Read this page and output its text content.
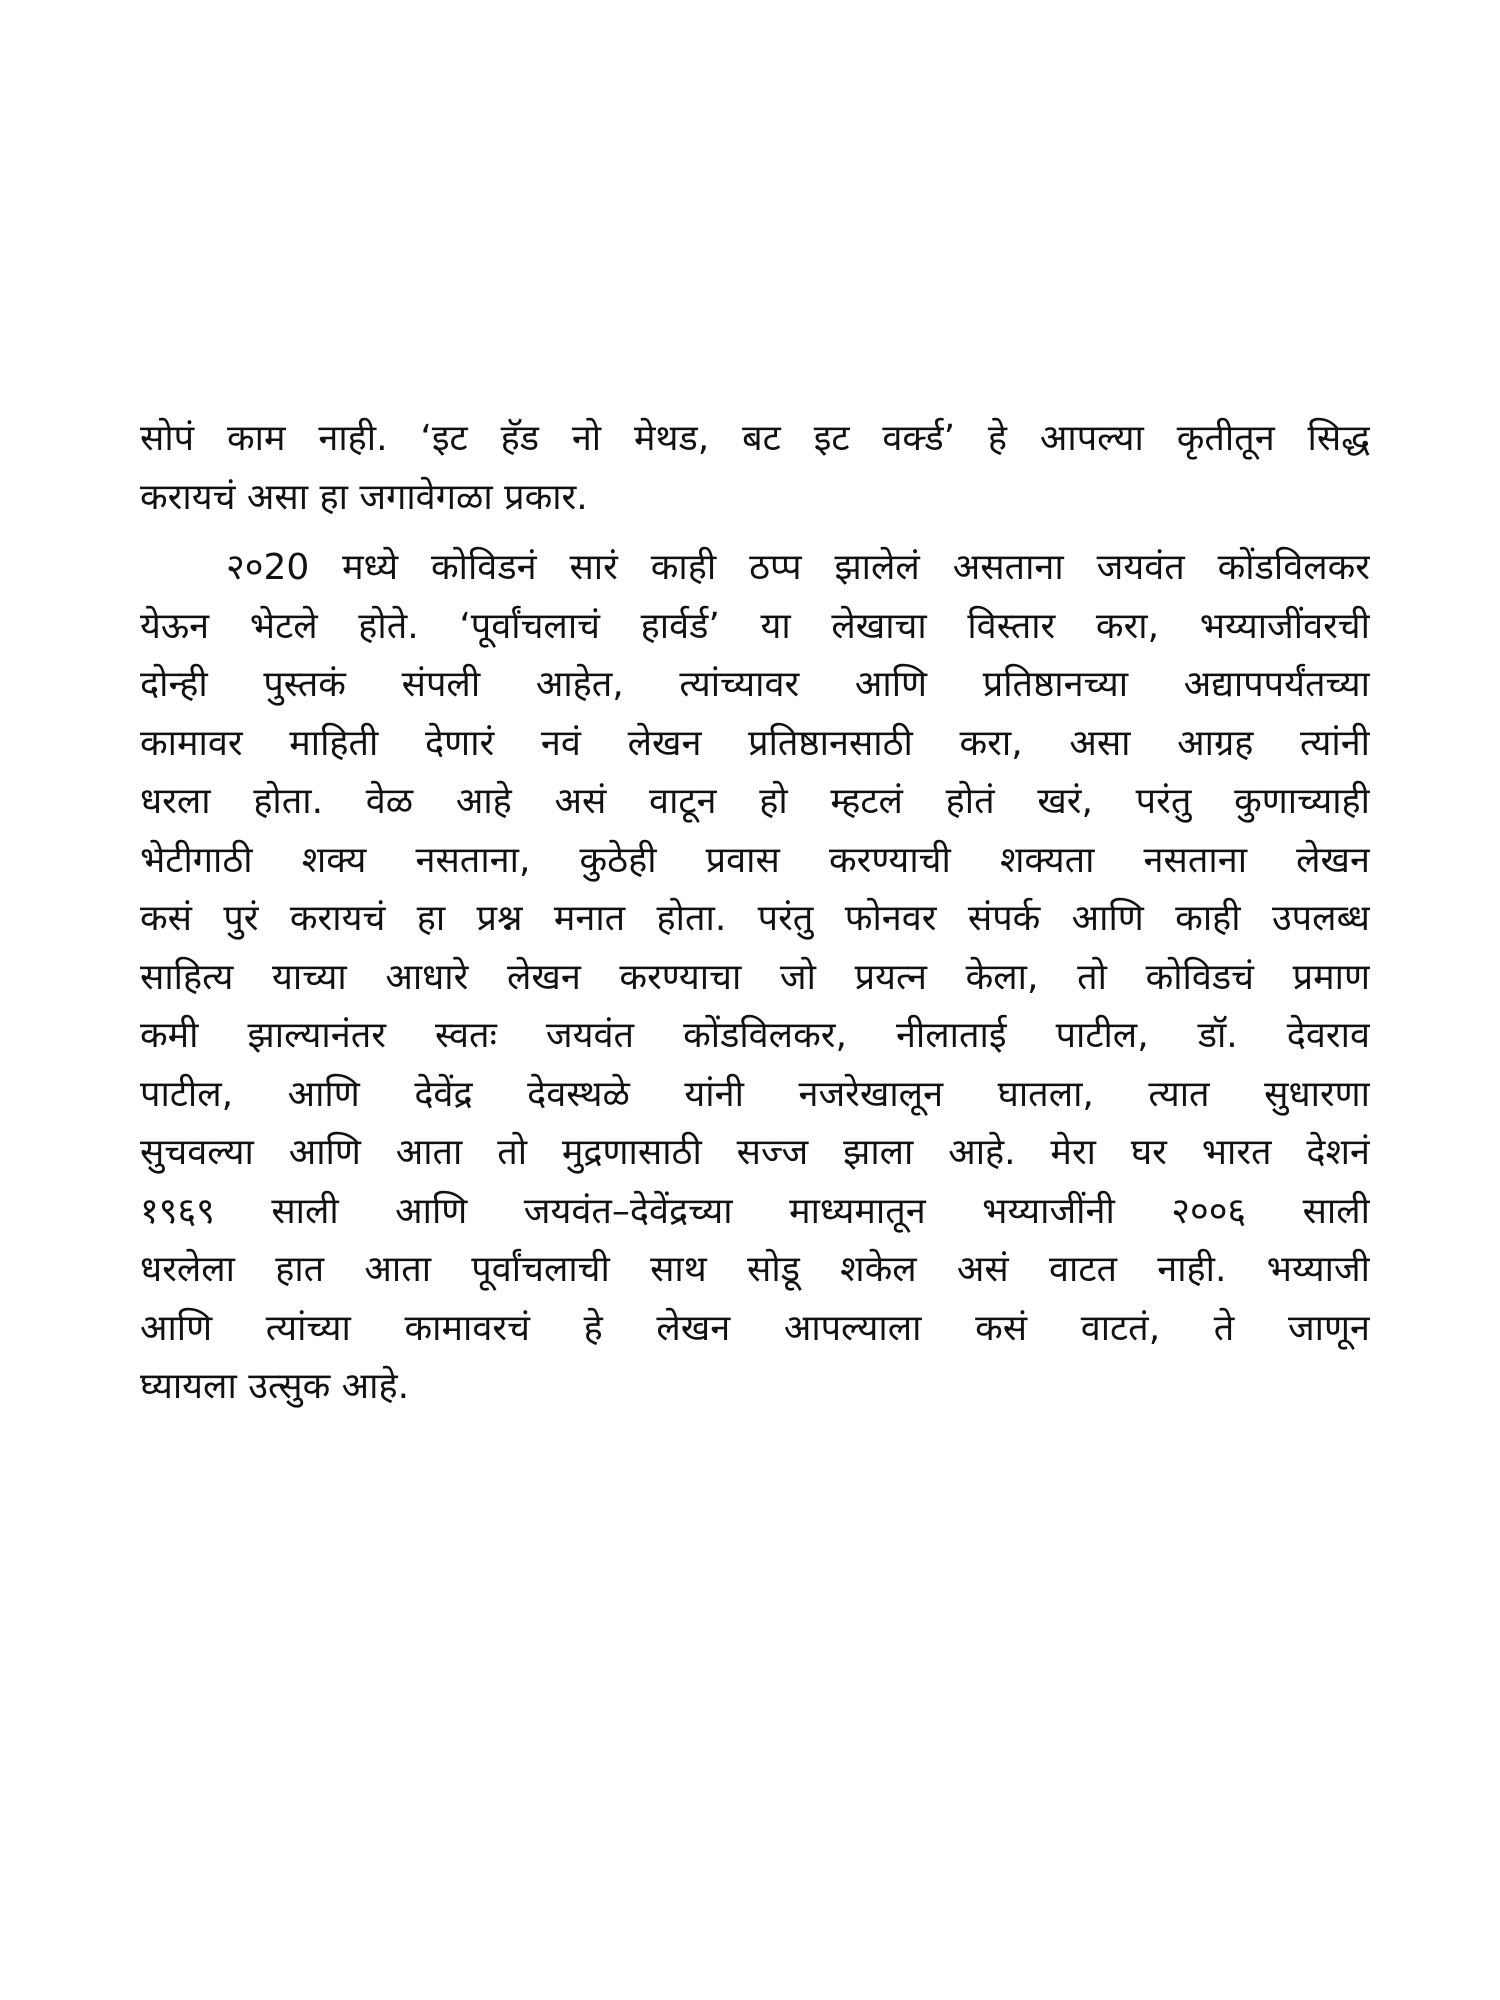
सोपं काम नाही. ‘इट हॅड नो मेथड, बट इट वर्क्ड’ हे आपल्या कृतीतून सिद्ध
करायचं असा हा जगावेगळा प्रकार.
२०20 मध्ये कोविडनं सारं काही ठप्प झालेलं असताना जयवंत कोंडविलकर
येऊन भेटले होते. ‘पूर्वांचलाचं हार्वर्ड’ या लेखाचा विस्तार करा, भय्याजींवरची
दोन्ही पुस्तकं संपली आहेत, त्यांच्यावर आणि प्रतिष्ठानच्या अद्यापपर्यंतच्या
कामावर माहिती देणारं नवं लेखन प्रतिष्ठानसाठी करा, असा आग्रह त्यांनी
धरला होता. वेळ आहे असं वाटून हो म्हटलं होतं खरं, परंतु कुणाच्याही
भेटीगाठी शक्य नसताना, कुठेही प्रवास करण्याची शक्यता नसताना लेखन
कसं पुरं करायचं हा प्रश्न मनात होता. परंतु फोनवर संपर्क आणि काही उपलब्ध
साहित्य याच्या आधारे लेखन करण्याचा जो प्रयत्न केला, तो कोविडचं प्रमाण
कमी झाल्यानंतर स्वतः जयवंत कोंडविलकर, नीलाताई पाटील, डॉ. देवराव
पाटील, आणि देवेंद्र देवस्थळे यांनी नजरेखालून घातला, त्यात सुधारणा
सुचवल्या आणि आता तो मुद्रणासाठी सज्ज झाला आहे. मेरा घर भारत देशनं
१९६९ साली आणि जयवंत–देवेंद्रच्या माध्यमातून भय्याजींनी २००६ साली
धरलेला हात आता पूर्वांचलाची साथ सोडू शकेल असं वाटत नाही. भय्याजी
आणि त्यांच्या कामावरचं हे लेखन आपल्याला कसं वाटतं, ते जाणून
घ्यायला उत्सुक आहे.
